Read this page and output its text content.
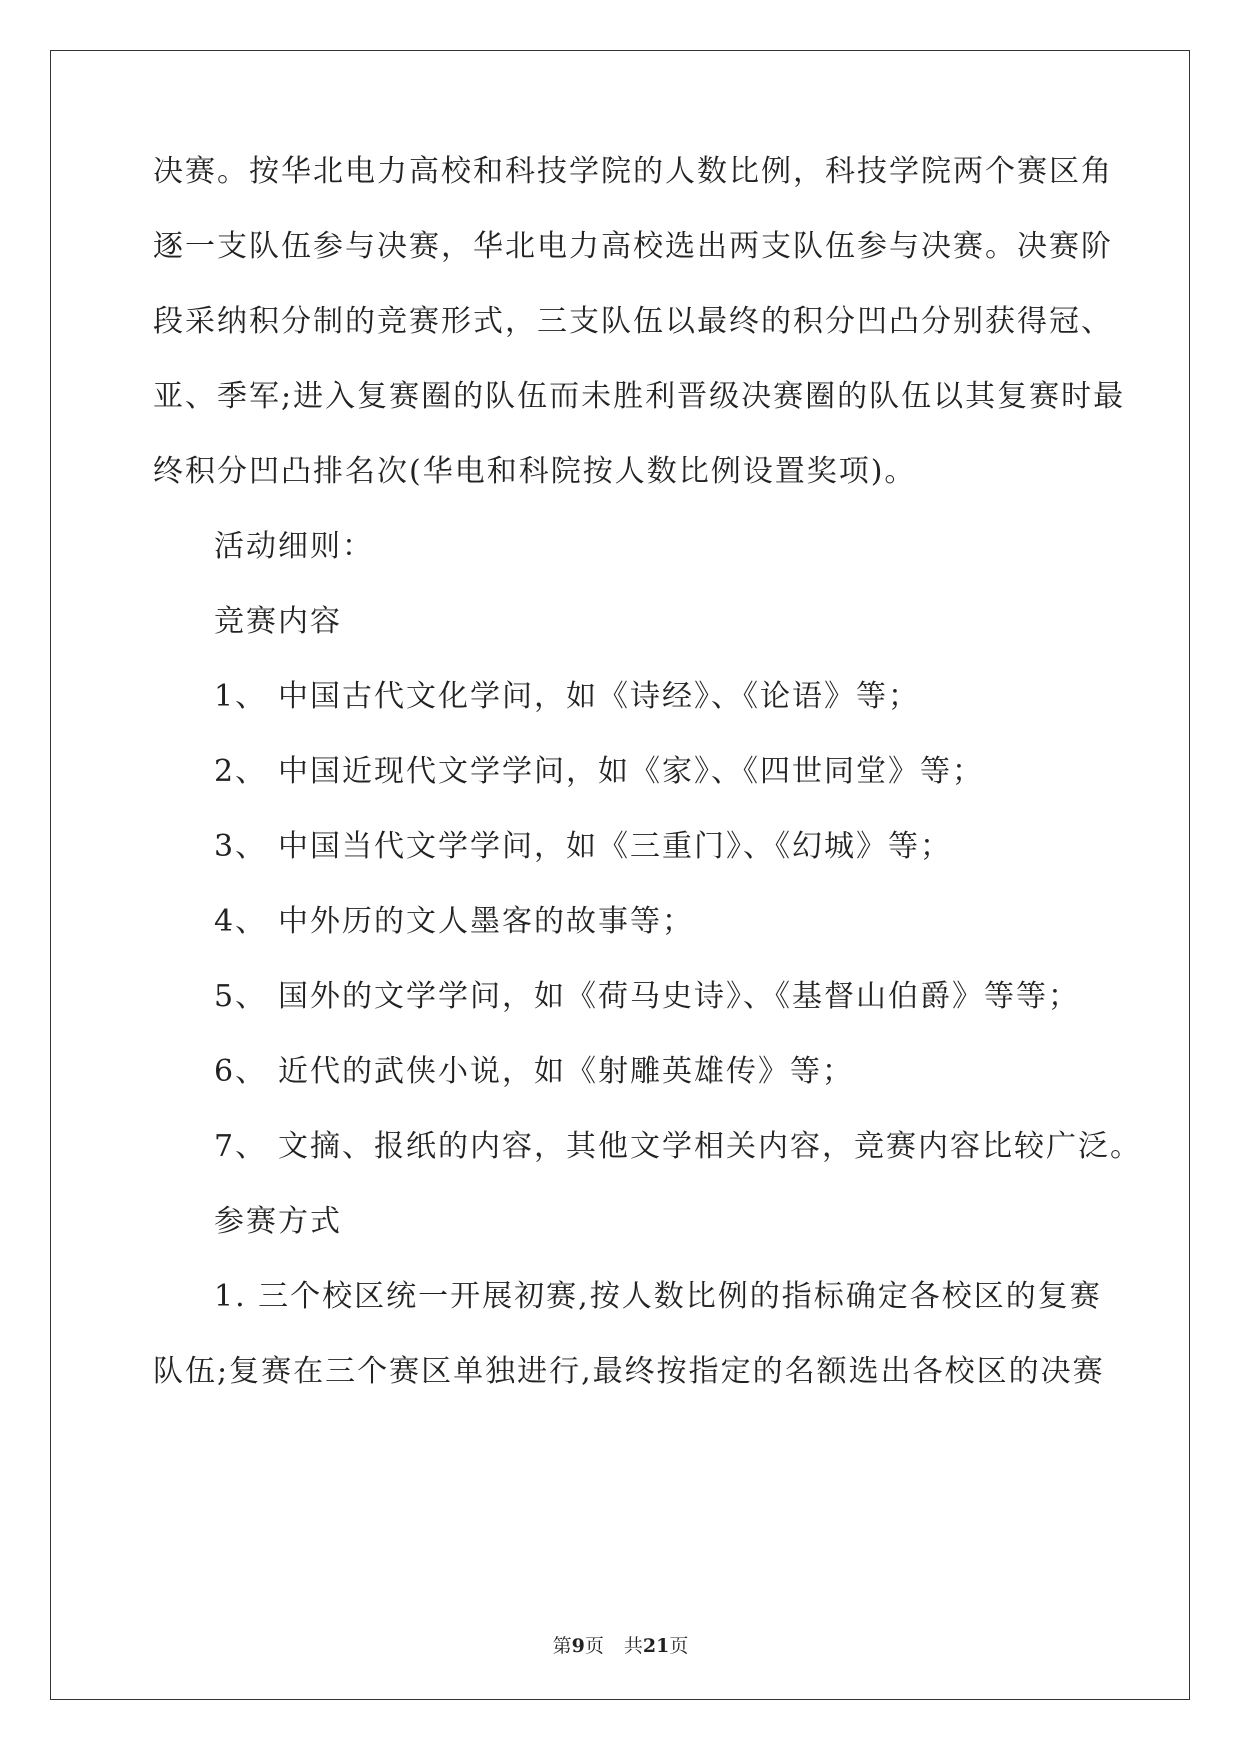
决赛。按华北电力高校和科技学院的人数比例，科技学院两个赛区角
逐一支队伍参与决赛，华北电力高校选出两支队伍参与决赛。决赛阶
段采纳积分制的竞赛形式，三支队伍以最终的积分凹凸分别获得冠、
亚、季军;进入复赛圈的队伍而未胜利晋级决赛圈的队伍以其复赛时最
终积分凹凸排名次(华电和科院按人数比例设置奖项)。
活动细则：
竞赛内容
1、 中国古代文化学问，如《诗经》、《论语》等；
2、 中国近现代文学学问，如《家》、《四世同堂》等；
3、 中国当代文学学问，如《三重门》、《幻城》等；
4、 中外历的文人墨客的故事等；
5、 国外的文学学问，如《荷马史诗》、《基督山伯爵》等等；
6、 近代的武侠小说，如《射雕英雄传》等；
7、 文摘、报纸的内容，其他文学相关内容，竞赛内容比较广泛。
参赛方式
1. 三个校区统一开展初赛,按人数比例的指标确定各校区的复赛
队伍;复赛在三个赛区单独进行,最终按指定的名额选出各校区的决赛
第9页 共21页
